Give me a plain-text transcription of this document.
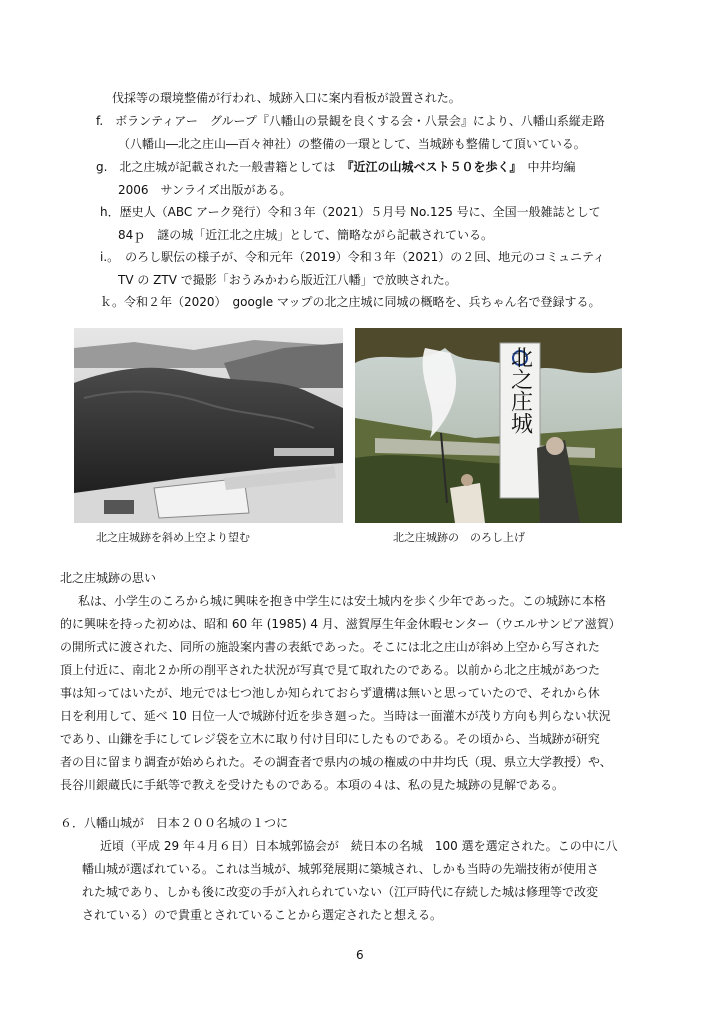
伐採等の環境整備が行われ、城跡入口に案内看板が設置された。
f.　ボランティアー　グループ『八幡山の景観を良くする会・八景会』により、八幡山系縦走路
（八幡山―北之庄山―百々神社）の整備の一環として、当城跡も整備して頂いている。
g.　北之庄城が記載された一般書籍としては　『近江の山城ベスト５０を歩く』　中井均編
2006　サンライズ出版がある。
h．歴史人（ABC アーク発行）令和３年（2021）５月号 No.125 号に、全国一般雑誌として
84ｐ　謎の城「近江北之庄城」として、簡略ながら記載されている。
i.。　のろし駅伝の様子が、令和元年（2019）令和３年（2021）の２回、地元のコミュニティ
TV の ZTV で撮影「おうみかわら版近江八幡」で放映された。
ｋ。令和２年（2020）　google マップの北之庄城に同城の概略を、兵ちゃん名で登録する。
北之庄城跡を斜め上空より望む
北之庄城
北之庄城跡の　のろし上げ
北之庄城跡の思い
私は、小学生のころから城に興味を抱き中学生には安土城内を歩く少年であった。この城跡に本格
的に興味を持った初めは、昭和 60 年 (1985) 4 月、滋賀厚生年金休暇センター（ウエルサンピア滋賀）
の開所式に渡された、同所の施設案内書の表紙であった。そこには北之庄山が斜め上空から写された
頂上付近に、南北２か所の削平された状況が写真で見て取れたのである。以前から北之庄城があつた
事は知ってはいたが、地元では七つ池しか知られておらず遺構は無いと思っていたので、それから休
日を利用して、延べ 10 日位一人で城跡付近を歩き廻った。当時は一面灌木が茂り方向も判らない状況
であり、山鎌を手にしてレジ袋を立木に取り付け目印にしたものである。その頃から、当城跡が研究
者の目に留まり調査が始められた。その調査者で県内の城の権威の中井均氏（現、県立大学教授）や、
長谷川銀蔵氏に手紙等で教えを受けたものである。本項の４は、私の見た城跡の見解である。
６．八幡山城が　日本２００名城の１つに
近頃（平成 29 年４月６日）日本城郭協会が　続日本の名城　100 選を選定された。この中に八
幡山城が選ばれている。これは当城が、城郭発展期に築城され、しかも当時の先端技術が使用さ
れた城であり、しかも後に改変の手が入れられていない（江戸時代に存続した城は修理等で改変
されている）ので貴重とされていることから選定されたと想える。
6
